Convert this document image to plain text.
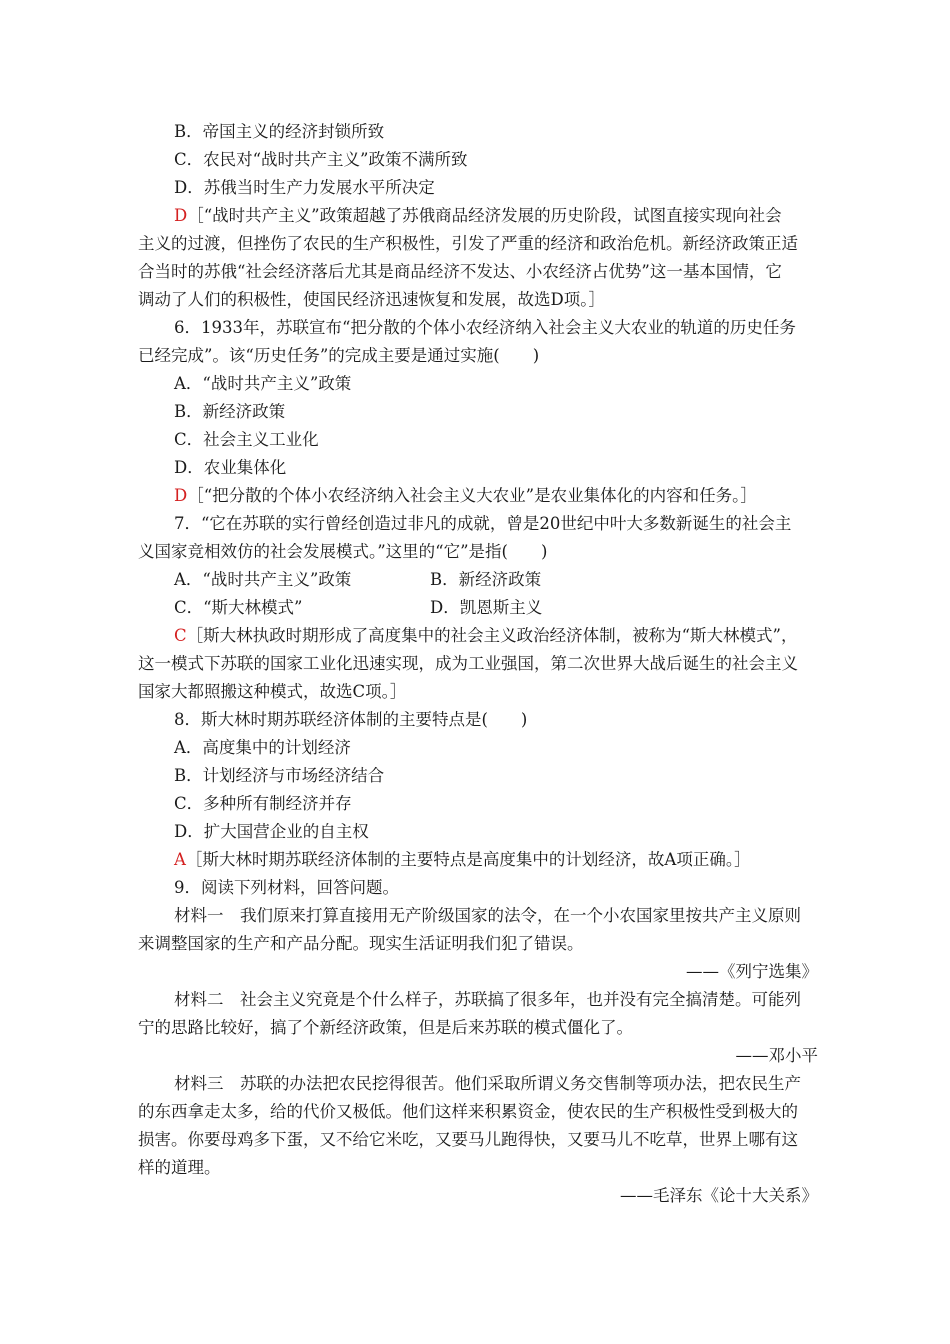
B．帝国主义的经济封锁所致
C．农民对“战时共产主义”政策不满所致
D．苏俄当时生产力发展水平所决定
D［“战时共产主义”政策超越了苏俄商品经济发展的历史阶段，试图直接实现向社会
主义的过渡，但挫伤了农民的生产积极性，引发了严重的经济和政治危机。新经济政策正适
合当时的苏俄“社会经济落后尤其是商品经济不发达、小农经济占优势”这一基本国情，它
调动了人们的积极性，使国民经济迅速恢复和发展，故选D项。］
6．1933年，苏联宣布“把分散的个体小农经济纳入社会主义大农业的轨道的历史任务
已经完成”。该“历史任务”的完成主要是通过实施(　　)
A．“战时共产主义”政策
B．新经济政策
C．社会主义工业化
D．农业集体化
D［“把分散的个体小农经济纳入社会主义大农业”是农业集体化的内容和任务。］
7．“它在苏联的实行曾经创造过非凡的成就，曾是20世纪中叶大多数新诞生的社会主
义国家竞相效仿的社会发展模式。”这里的“它”是指(　　)
A．“战时共产主义”政策	B．新经济政策
C．“斯大林模式”	D．凯恩斯主义
C［斯大林执政时期形成了高度集中的社会主义政治经济体制，被称为“斯大林模式”，
这一模式下苏联的国家工业化迅速实现，成为工业强国，第二次世界大战后诞生的社会主义
国家大都照搬这种模式，故选C项。］
8．斯大林时期苏联经济体制的主要特点是(　　)
A．高度集中的计划经济
B．计划经济与市场经济结合
C．多种所有制经济并存
D．扩大国营企业的自主权
A［斯大林时期苏联经济体制的主要特点是高度集中的计划经济，故A项正确。］
9．阅读下列材料，回答问题。
材料一　我们原来打算直接用无产阶级国家的法令，在一个小农国家里按共产主义原则
来调整国家的生产和产品分配。现实生活证明我们犯了错误。
——《列宁选集》
材料二　社会主义究竟是个什么样子，苏联搞了很多年，也并没有完全搞清楚。可能列
宁的思路比较好，搞了个新经济政策，但是后来苏联的模式僵化了。
——邓小平
材料三　苏联的办法把农民挖得很苦。他们采取所谓义务交售制等项办法，把农民生产
的东西拿走太多，给的代价又极低。他们这样来积累资金，使农民的生产积极性受到极大的
损害。你要母鸡多下蛋，又不给它米吃，又要马儿跑得快，又要马儿不吃草，世界上哪有这
样的道理。
——毛泽东《论十大关系》
